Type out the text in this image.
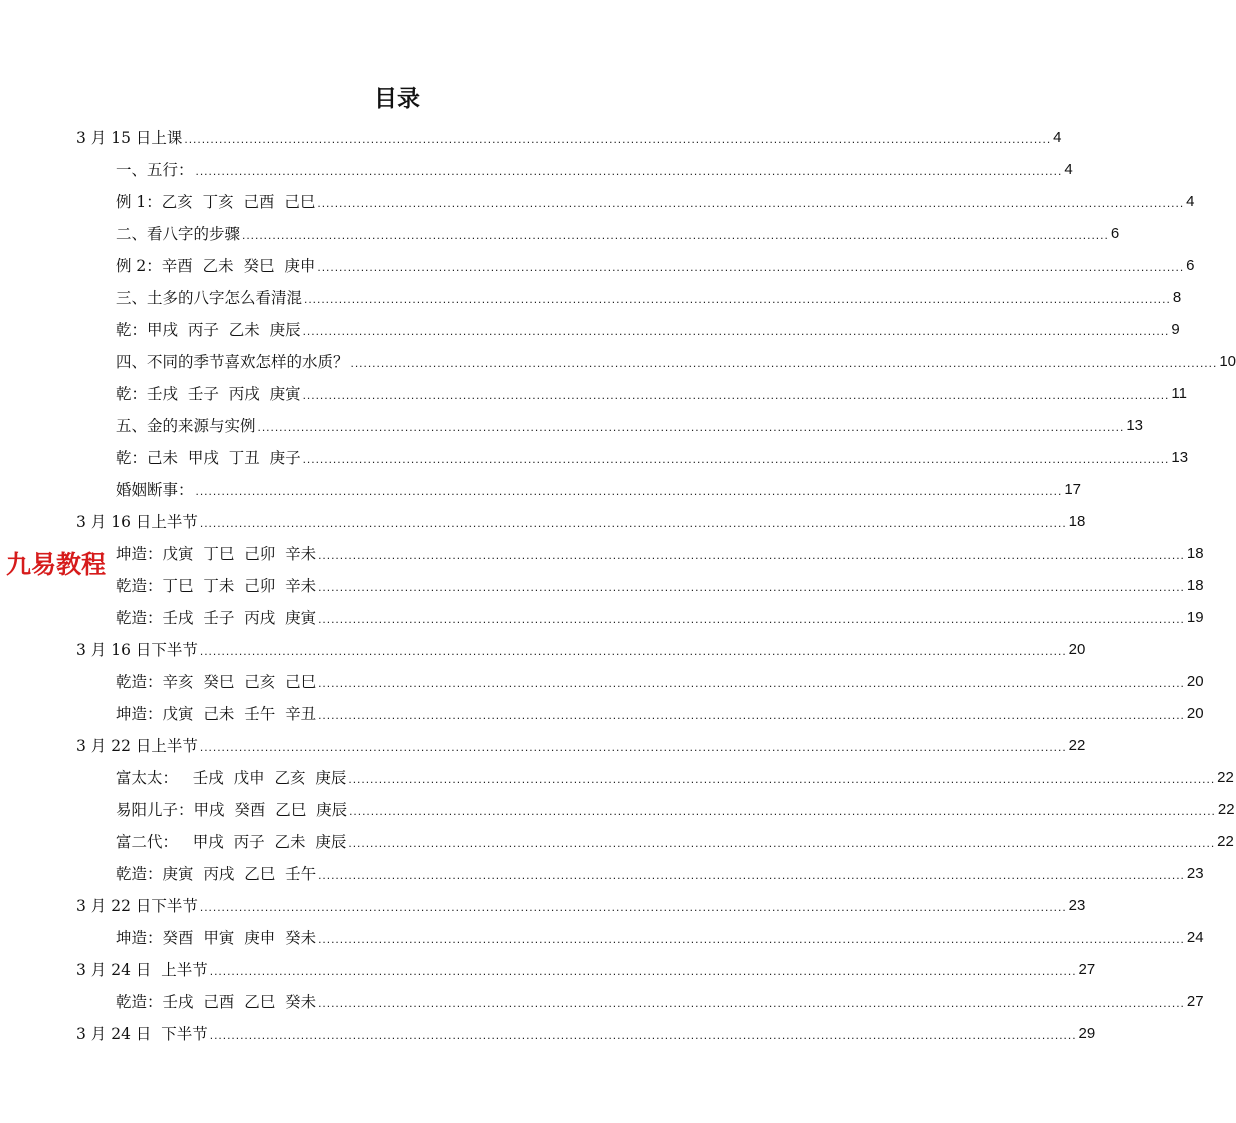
目录
3 月 15 日上课 ........................................................................................................................................................................................................ 4
一、五行： ........................................................................................................................................................................................................ 4
例 1：乙亥  丁亥  己酉  己巳 ........................................................................................................................................................................................................ 4
二、看八字的步骤 ........................................................................................................................................................................................................ 6
例 2：辛酉  乙未  癸巳  庚申 ........................................................................................................................................................................................................ 6
三、土多的八字怎么看清混 ........................................................................................................................................................................................................ 8
乾：甲戌  丙子  乙未  庚辰 ........................................................................................................................................................................................................ 9
四、不同的季节喜欢怎样的水质？ ........................................................................................................................................................................................................ 10
乾：壬戌  壬子  丙戌  庚寅 ........................................................................................................................................................................................................ 11
五、金的来源与实例 ........................................................................................................................................................................................................ 13
乾：己未  甲戌  丁丑  庚子 ........................................................................................................................................................................................................ 13
婚姻断事： ........................................................................................................................................................................................................ 17
3 月 16 日上半节 ........................................................................................................................................................................................................ 18
坤造：戊寅  丁巳  己卯  辛未 ........................................................................................................................................................................................................ 18
乾造：丁巳  丁未  己卯  辛未 ........................................................................................................................................................................................................ 18
乾造：壬戌  壬子  丙戌  庚寅 ........................................................................................................................................................................................................ 19
3 月 16 日下半节 ........................................................................................................................................................................................................ 20
乾造：辛亥  癸巳  己亥  己巳 ........................................................................................................................................................................................................ 20
坤造：戊寅  己未  壬午  辛丑 ........................................................................................................................................................................................................ 20
3 月 22 日上半节 ........................................................................................................................................................................................................ 22
富太太：   壬戌  戊申  乙亥  庚辰 ........................................................................................................................................................................................................ 22
易阳儿子：甲戌  癸酉  乙巳  庚辰 ........................................................................................................................................................................................................ 22
富二代：   甲戌  丙子  乙未  庚辰 ........................................................................................................................................................................................................ 22
乾造：庚寅  丙戌  乙巳  壬午 ........................................................................................................................................................................................................ 23
3 月 22 日下半节 ........................................................................................................................................................................................................ 23
坤造：癸酉  甲寅  庚申  癸未 ........................................................................................................................................................................................................ 24
3 月 24 日  上半节 ........................................................................................................................................................................................................ 27
乾造：壬戌  己酉  乙巳  癸未 ........................................................................................................................................................................................................ 27
3 月 24 日  下半节 ........................................................................................................................................................................................................ 29
九易教程
